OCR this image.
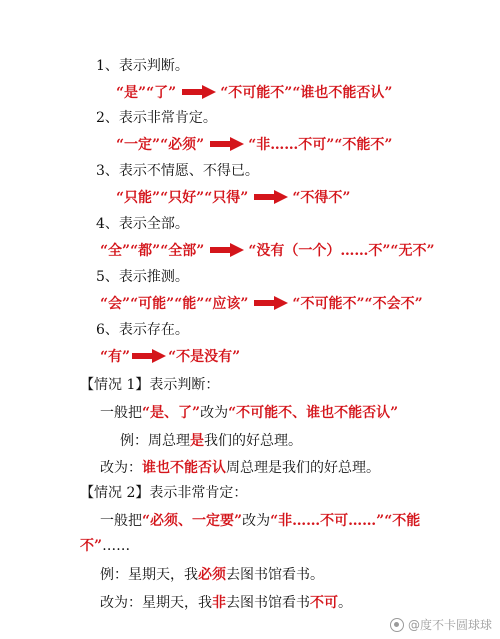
1、表示判断。
“是”“了”	“不可能不”“谁也不能否认”
2、表示非常肯定。
“一定”“必须”	“非……不可”“不能不”
3、表示不情愿、不得已。
“只能”“只好”“只得”	“不得不”
4、表示全部。
“全”“都”“全部”	“没有（一个）……不”“无不”
5、表示推测。
“会”“可能”“能”“应该”	“不可能不”“不会不”
6、表示存在。
“有”	“不是没有”
【情况 1】表示判断：
一般把“是、了”改为“不可能不、谁也不能否认”
例：周总理是我们的好总理。
改为：谁也不能否认周总理是我们的好总理。
【情况 2】表示非常肯定：
一般把“必须、一定要”改为“非……不可……”“不能
不”……
例：星期天，我必须去图书馆看书。
改为：星期天，我非去图书馆看书不可。
@度不卡圆球球
